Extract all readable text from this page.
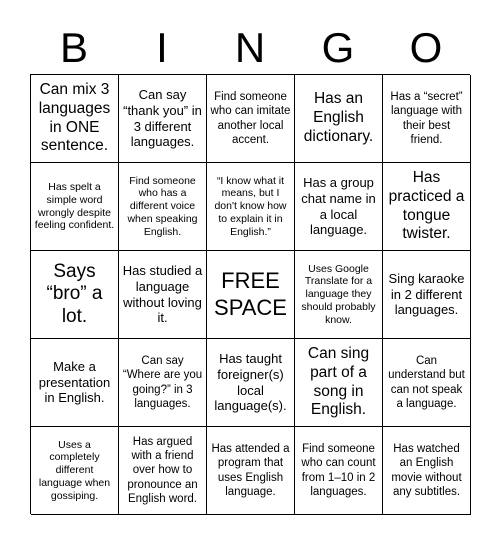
B	I	N	G	O
Can mix 3 languages in ONE sentence.
Can say “thank you” in 3 different languages.
Find someone who can imitate another local accent.
Has an English dictionary.
Has a “secret” language with their best friend.
Has spelt a simple word wrongly despite feeling confident.
Find someone who has a different voice when speaking English.
“I know what it means, but I don't know how to explain it in English.”
Has a group chat name in a local language.
Has practiced a tongue twister.
Says “bro” a lot.
Has studied a language without loving it.
FREE SPACE
Uses Google Translate for a language they should probably know.
Sing karaoke in 2 different languages.
Make a presentation in English.
Can say “Where are you going?” in 3 languages.
Has taught foreigner(s) local language(s).
Can sing part of a song in English.
Can understand but can not speak a language.
Uses a completely different language when gossiping.
Has argued with a friend over how to pronounce an English word.
Has attended a program that uses English language.
Find someone who can count from 1–10 in 2 languages.
Has watched an English movie without any subtitles.
